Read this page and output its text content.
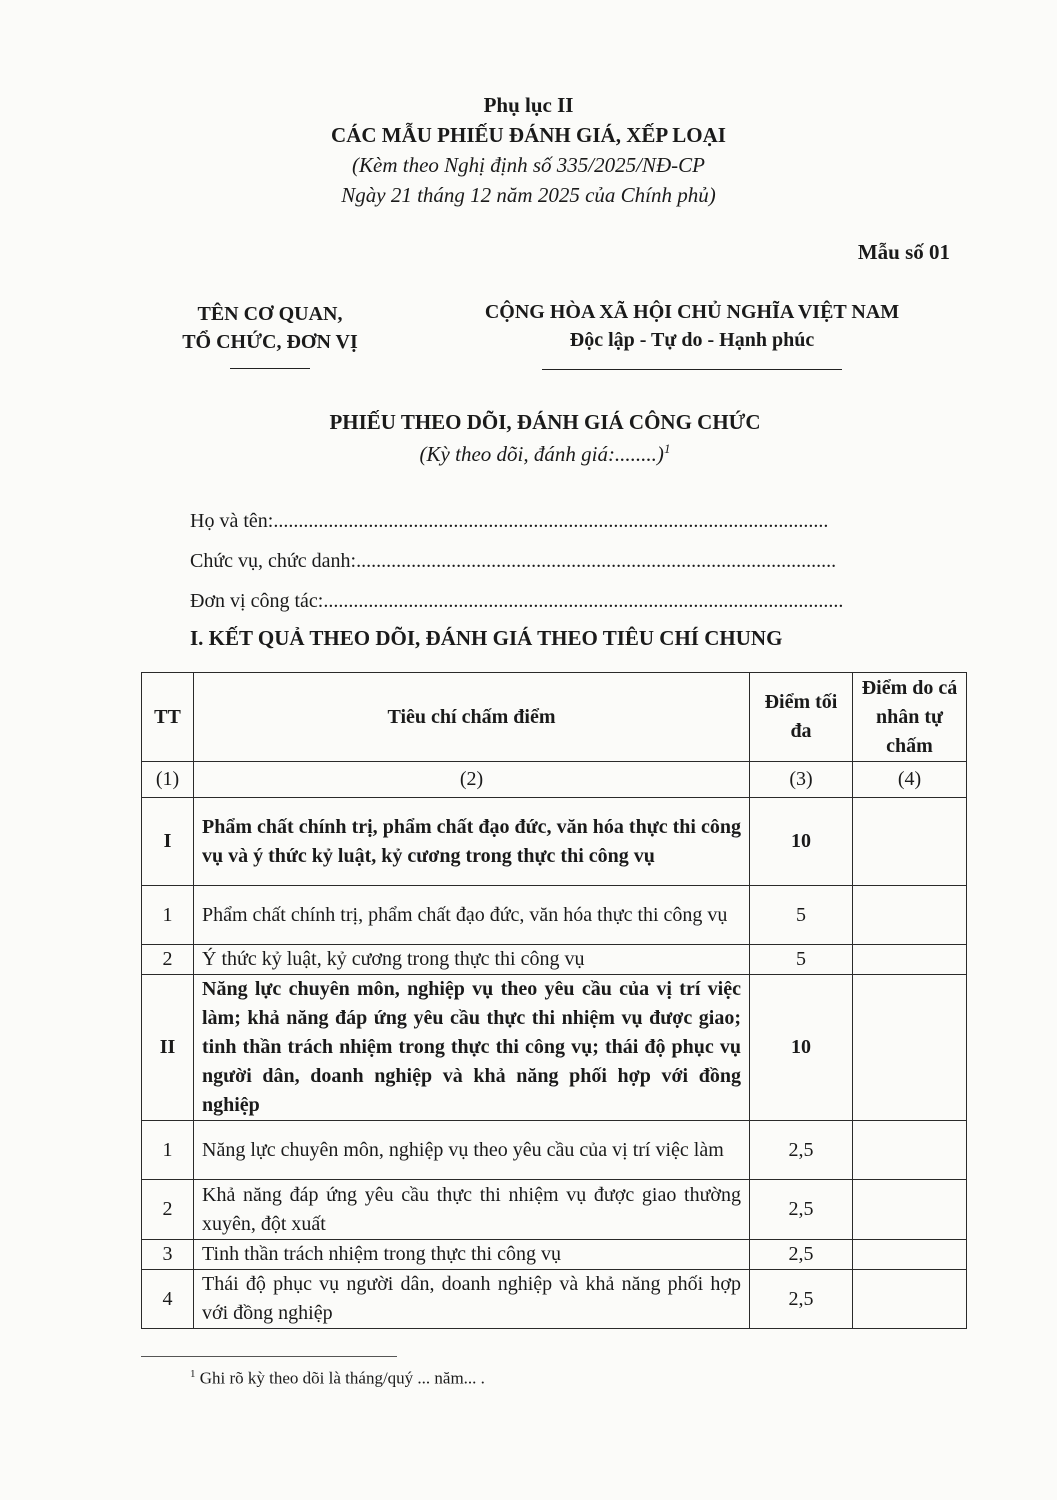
Phụ lục II
CÁC MẪU PHIẾU ĐÁNH GIÁ, XẾP LOẠI
(Kèm theo Nghị định số 335/2025/NĐ-CP
Ngày 21 tháng 12 năm 2025 của Chính phủ)
Mẫu số 01
TÊN CƠ QUAN,
TỔ CHỨC, ĐƠN VỊ
CỘNG HÒA XÃ HỘI CHỦ NGHĨA VIỆT NAM
Độc lập - Tự do - Hạnh phúc
PHIẾU THEO DÕI, ĐÁNH GIÁ CÔNG CHỨC
(Kỳ theo dõi, đánh giá:........)$^1$
Họ và tên:...............................................................................................................
Chức vụ, chức danh:................................................................................................
Đơn vị công tác:........................................................................................................
I. KẾT QUẢ THEO DÕI, ĐÁNH GIÁ THEO TIÊU CHÍ CHUNG
TT	Tiêu chí chấm điểm	Điểm tối đa	Điểm do cá nhân tự chấm
(1)	(2)	(3)	(4)
I	Phẩm chất chính trị, phẩm chất đạo đức, văn hóa thực thi công vụ và ý thức kỷ luật, kỷ cương trong thực thi công vụ	10	
1	Phẩm chất chính trị, phẩm chất đạo đức, văn hóa thực thi công vụ	5	
2	Ý thức kỷ luật, kỷ cương trong thực thi công vụ	5	
II	Năng lực chuyên môn, nghiệp vụ theo yêu cầu của vị trí việc làm; khả năng đáp ứng yêu cầu thực thi nhiệm vụ được giao; tinh thần trách nhiệm trong thực thi công vụ; thái độ phục vụ người dân, doanh nghiệp và khả năng phối hợp với đồng nghiệp	10	
1	Năng lực chuyên môn, nghiệp vụ theo yêu cầu của vị trí việc làm	2,5	
2	Khả năng đáp ứng yêu cầu thực thi nhiệm vụ được giao thường xuyên, đột xuất	2,5	
3	Tinh thần trách nhiệm trong thực thi công vụ	2,5	
4	Thái độ phục vụ người dân, doanh nghiệp và khả năng phối hợp với đồng nghiệp	2,5	
$^1$ Ghi rõ kỳ theo dõi là tháng/quý ... năm... .
